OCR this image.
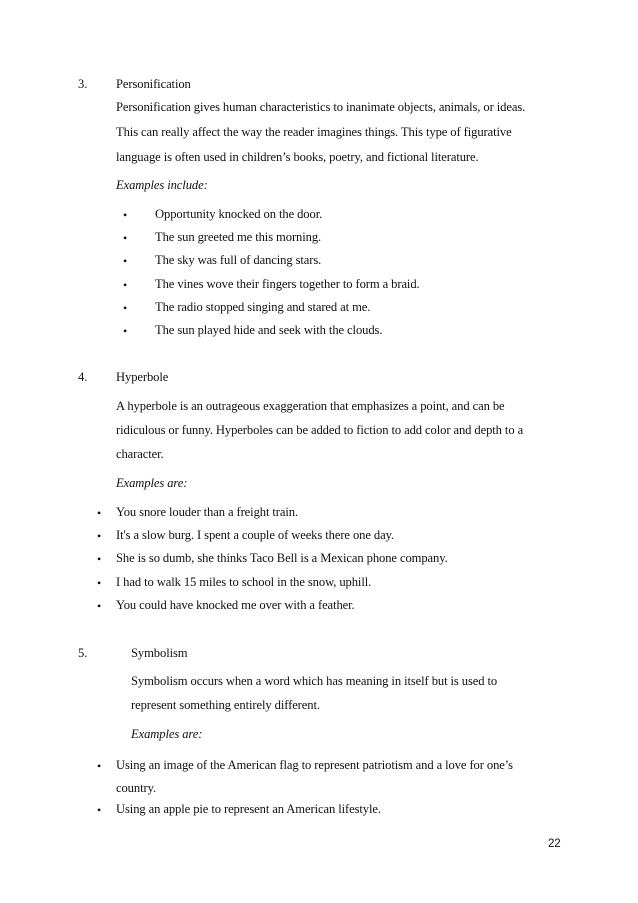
3. Personification
Personification gives human characteristics to inanimate objects, animals, or ideas.
This can really affect the way the reader imagines things. This type of figurative
language is often used in children’s books, poetry, and fictional literature.
Examples include:
•	Opportunity knocked on the door.
•	The sun greeted me this morning.
•	The sky was full of dancing stars.
•	The vines wove their fingers together to form a braid.
•	The radio stopped singing and stared at me.
•	The sun played hide and seek with the clouds.
4. Hyperbole
A hyperbole is an outrageous exaggeration that emphasizes a point, and can be
ridiculous or funny. Hyperboles can be added to fiction to add color and depth to a
character.
Examples are:
•	You snore louder than a freight train.
•	It's a slow burg. I spent a couple of weeks there one day.
•	She is so dumb, she thinks Taco Bell is a Mexican phone company.
•	I had to walk 15 miles to school in the snow, uphill.
•	You could have knocked me over with a feather.
5.	Symbolism
Symbolism occurs when a word which has meaning in itself but is used to
represent something entirely different.
Examples are:
•	Using an image of the American flag to represent patriotism and a love for one’s
country.
•	Using an apple pie to represent an American lifestyle.
22
